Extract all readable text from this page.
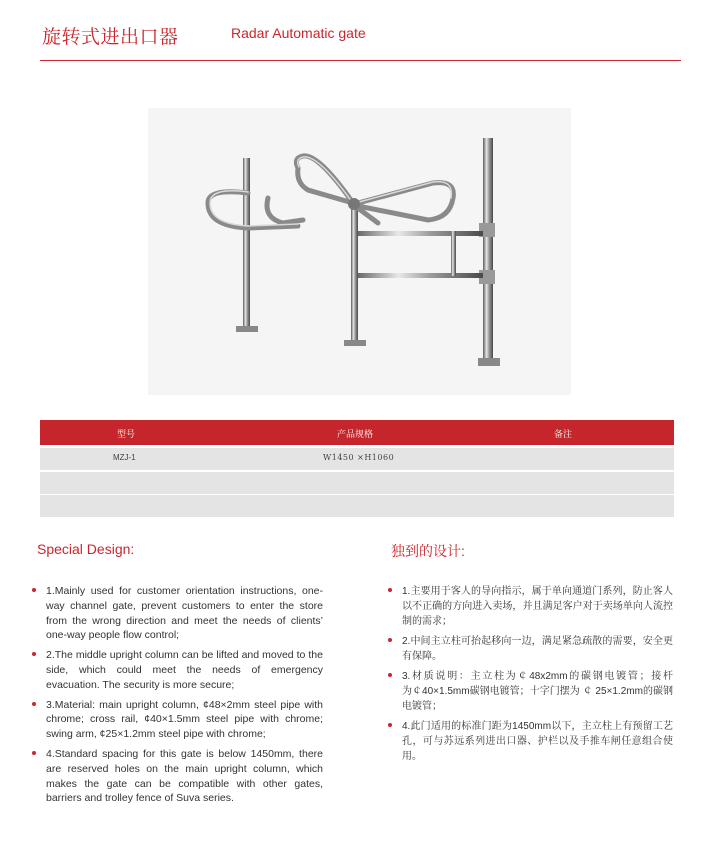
旋转式进出口器	Radar Automatic gate
型号	产品规格	备注
MZJ-1	W1450 ×H1060
Special Design:
1.Mainly used for customer orientation instructions, one-way channel gate, prevent customers to enter the store from the wrong direction and meet the needs of clients’ one-way people flow control;
2.The middle upright column can be lifted and moved to the side, which could meet the needs of emergency evacuation. The security is more secure;
3.Material: main upright column, ¢48×2mm steel pipe with chrome; cross rail, ¢40×1.5mm steel pipe with chrome; swing arm, ¢25×1.2mm steel pipe with chrome;
4.Standard spacing for this gate is below 1450mm, there are reserved holes on the main upright column, which makes the gate can be compatible with other gates, barriers and trolley fence of Suva series.
独到的设计:
1.主要用于客人的导向指示，属于单向通道门系列，防止客人以不正确的方向进入卖场，并且满足客户对于卖场单向人流控制的需求；
2.中间主立柱可抬起移向一边，满足紧急疏散的需要，安全更有保障。
3.材质说明：主立柱为￠48x2mm的碳钢电镀管；接杆为￠40×1.5mm碳钢电镀管；十字门摆为 ￠ 25×1.2mm的碳钢电镀管；
4.此门适用的标准门距为1450mm以下，主立柱上有预留工艺孔，可与苏远系列进出口器、护栏以及手推车闸任意组合使用。
